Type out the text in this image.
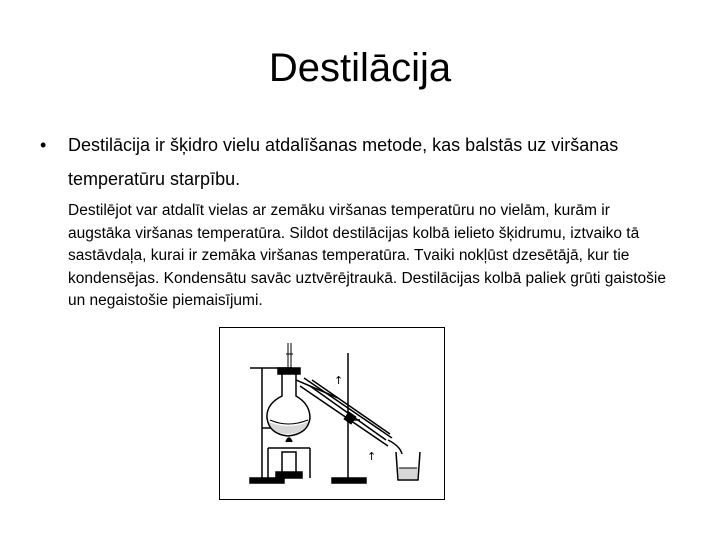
Destilācija
• Destilācija ir šķidro vielu atdalīšanas metode, kas balstās uz viršanas temperatūru starpību.
Destilējot var atdalīt vielas ar zemāku viršanas temperatūru no vielām, kurām ir augstāka viršanas temperatūra. Sildot destilācijas kolbā ielieto šķidrumu, iztvaiko tā sastāvdaļa, kurai ir zemāka viršanas temperatūra. Tvaiki nokļūst dzesētājā, kur tie kondensējas. Kondensātu savāc uztvērējtraukā. Destilācijas kolbā paliek grūti gaistošie un negaistošie piemaisījumi.
↑
↑
